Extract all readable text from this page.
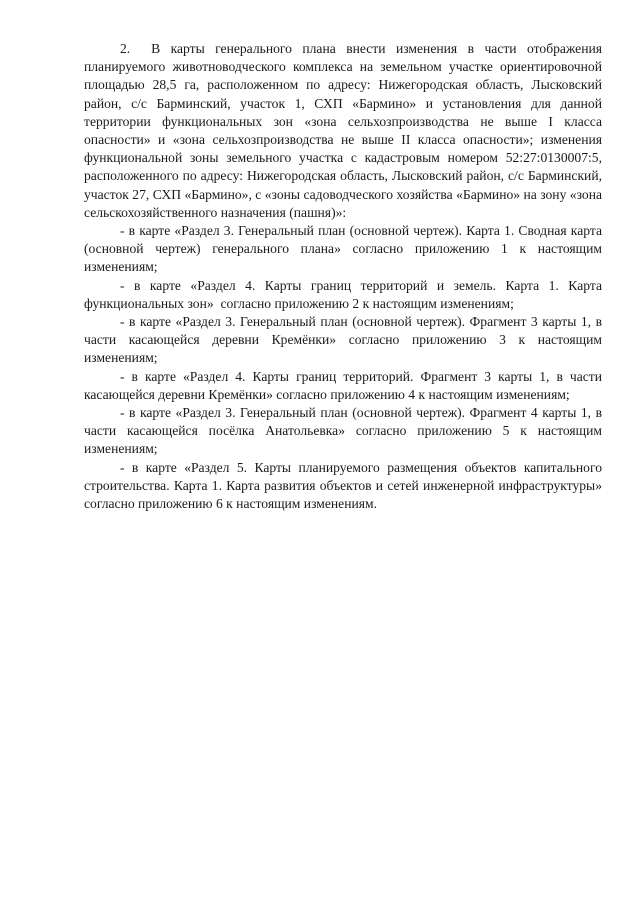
2.  В карты генерального плана внести изменения в части отображения планируемого животноводческого комплекса на земельном участке ориентировочной площадью 28,5 га, расположенном по адресу: Нижегородская область, Лысковский район, с/с Барминский, участок 1, СХП «Бармино» и установления для данной территории функциональных зон «зона сельхозпроизводства не выше I класса опасности» и «зона сельхозпроизводства не выше II класса опасности»; изменения функциональной зоны земельного участка с кадастровым номером 52:27:0130007:5, расположенного по адресу: Нижегородская область, Лысковский район, с/с Барминский, участок 27, СХП «Бармино», с «зоны садоводческого хозяйства «Бармино» на зону «зона сельскохозяйственного назначения (пашня)»:

- в карте «Раздел 3. Генеральный план (основной чертеж). Карта 1. Сводная карта (основной чертеж) генерального плана» согласно приложению 1 к настоящим изменениям;

- в карте «Раздел 4. Карты границ территорий и земель. Карта 1. Карта функциональных зон»  согласно приложению 2 к настоящим изменениям;

- в карте «Раздел 3. Генеральный план (основной чертеж). Фрагмент 3 карты 1, в части касающейся деревни Кремёнки» согласно приложению 3 к настоящим изменениям;

- в карте «Раздел 4. Карты границ территорий. Фрагмент 3 карты 1, в части касающейся деревни Кремёнки» согласно приложению 4 к настоящим изменениям;

- в карте «Раздел 3. Генеральный план (основной чертеж). Фрагмент 4 карты 1, в части касающейся посёлка Анатольевка» согласно приложению 5 к настоящим изменениям;

- в карте «Раздел 5. Карты планируемого размещения объектов капитального строительства. Карта 1. Карта развития объектов и сетей инженерной инфраструктуры» согласно приложению 6 к настоящим изменениям.
